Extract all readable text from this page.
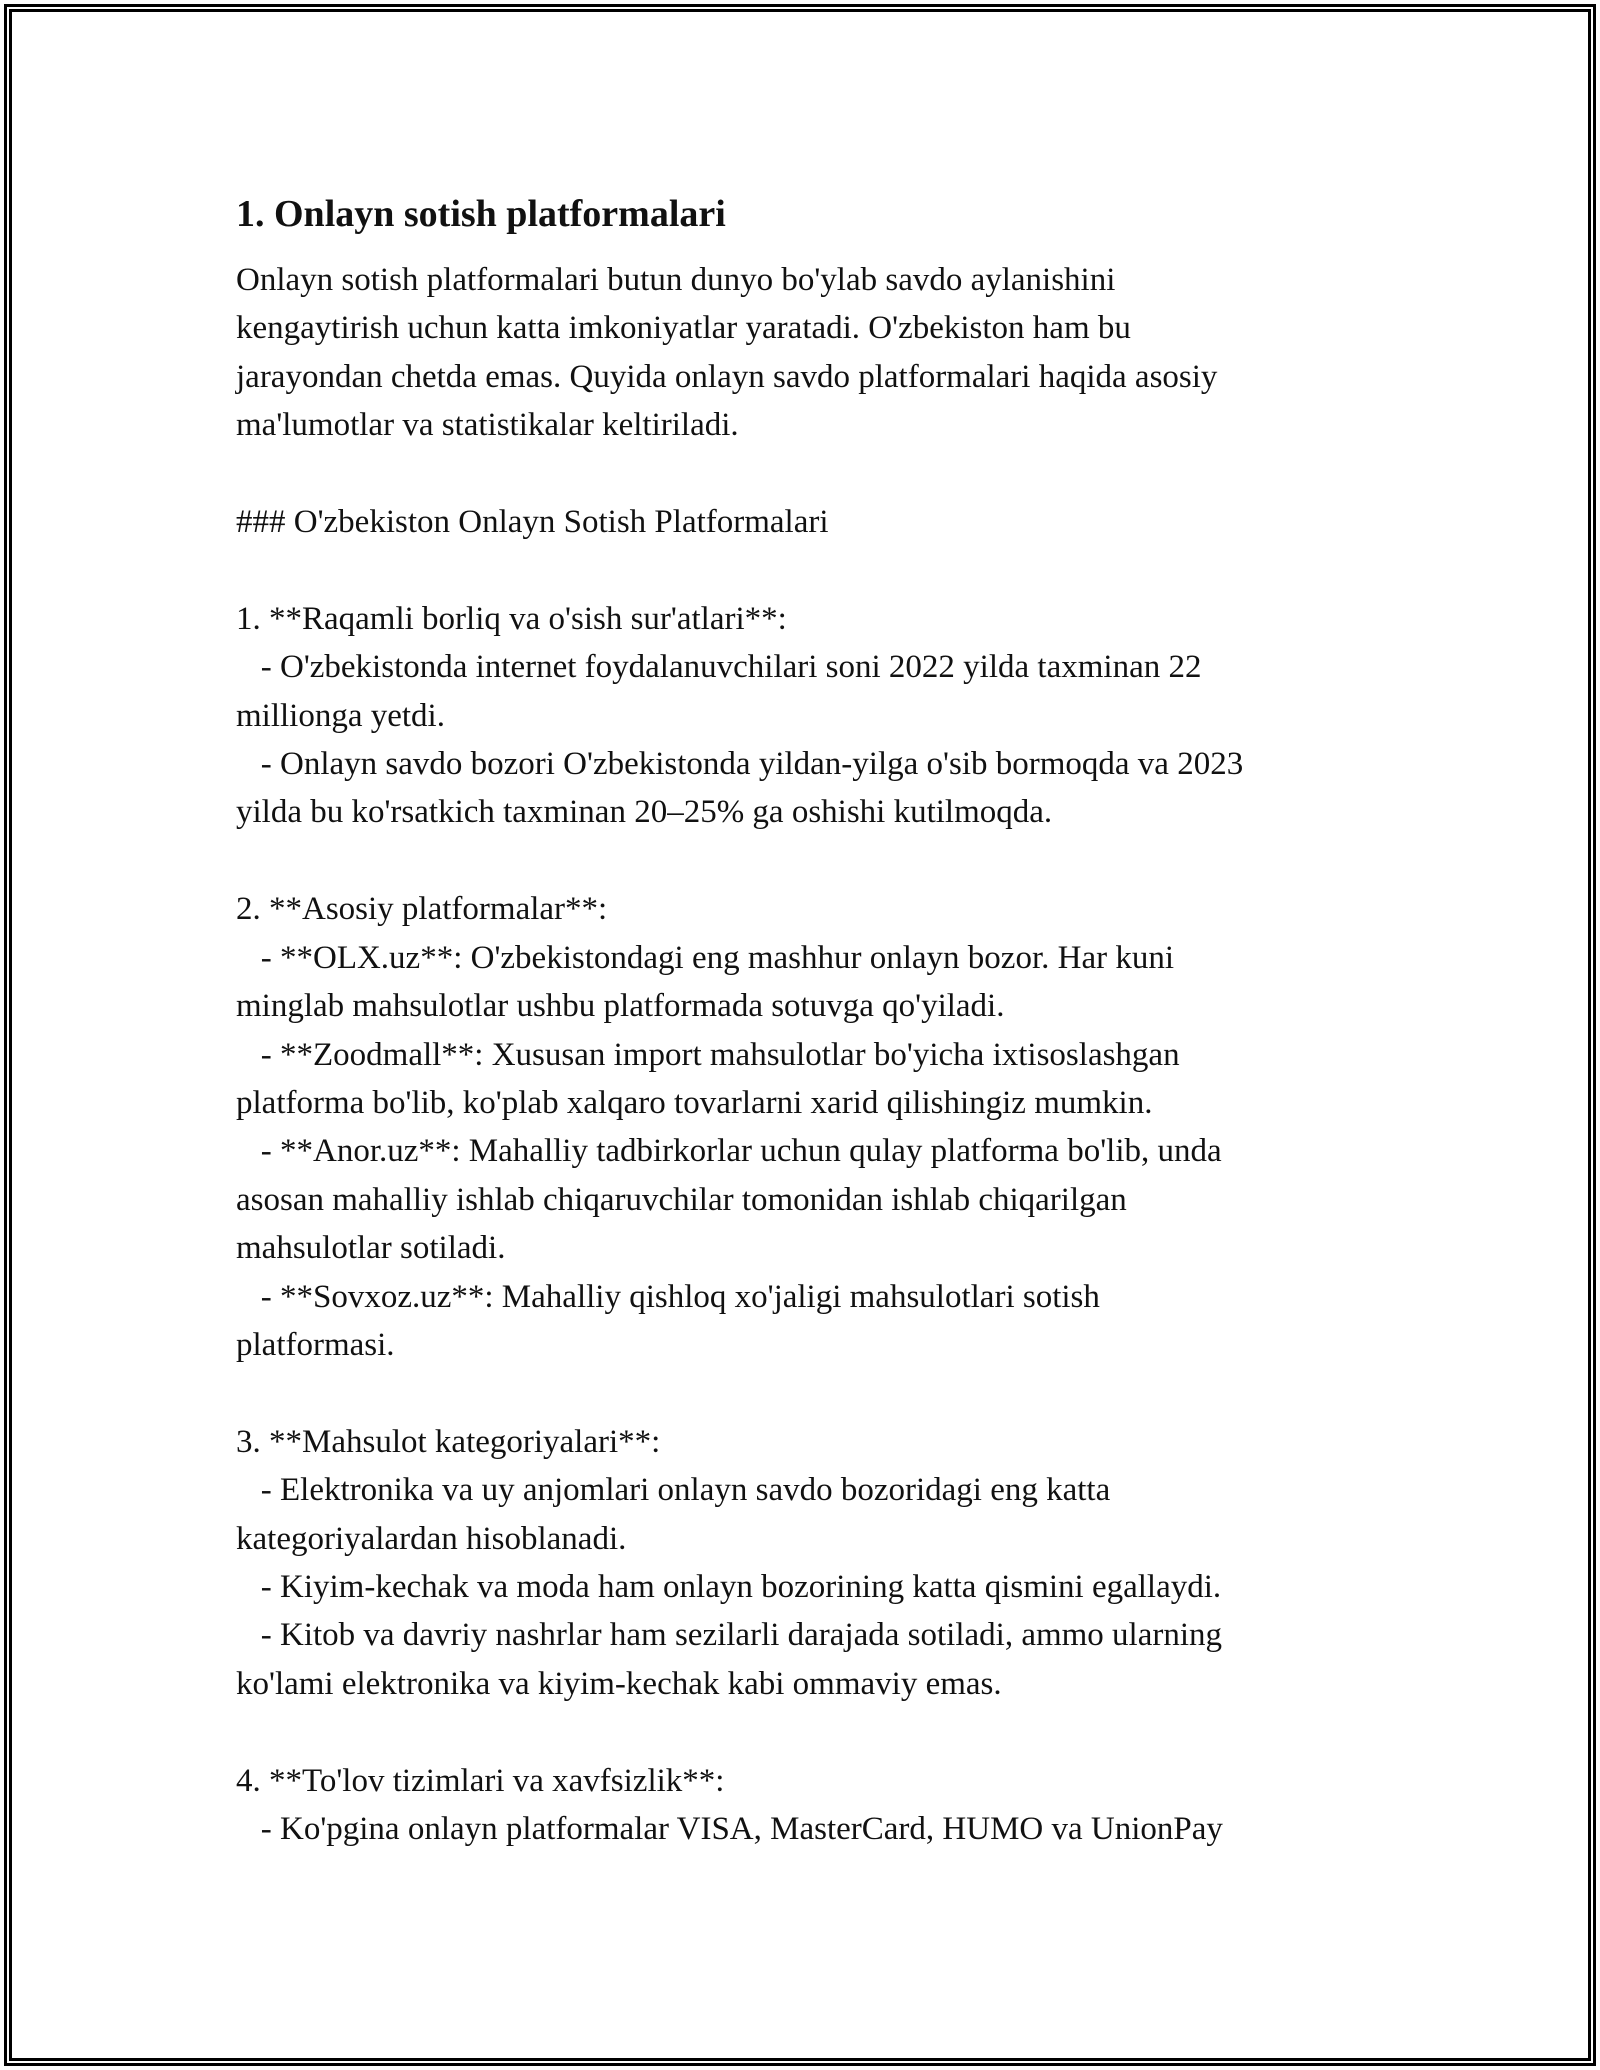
1. Onlayn sotish platformalari
Onlayn sotish platformalari butun dunyo bo'ylab savdo aylanishini
kengaytirish uchun katta imkoniyatlar yaratadi. O'zbekiston ham bu
jarayondan chetda emas. Quyida onlayn savdo platformalari haqida asosiy
ma'lumotlar va statistikalar keltiriladi.

### O'zbekiston Onlayn Sotish Platformalari

1. **Raqamli borliq va o'sish sur'atlari**:
- O'zbekistonda internet foydalanuvchilari soni 2022 yilda taxminan 22
millionga yetdi.
- Onlayn savdo bozori O'zbekistonda yildan-yilga o'sib bormoqda va 2023
yilda bu ko'rsatkich taxminan 20–25% ga oshishi kutilmoqda.

2. **Asosiy platformalar**:
- **OLX.uz**: O'zbekistondagi eng mashhur onlayn bozor. Har kuni
minglab mahsulotlar ushbu platformada sotuvga qo'yiladi.
- **Zoodmall**: Xususan import mahsulotlar bo'yicha ixtisoslashgan
platforma bo'lib, ko'plab xalqaro tovarlarni xarid qilishingiz mumkin.
- **Anor.uz**: Mahalliy tadbirkorlar uchun qulay platforma bo'lib, unda
asosan mahalliy ishlab chiqaruvchilar tomonidan ishlab chiqarilgan
mahsulotlar sotiladi.
- **Sovxoz.uz**: Mahalliy qishloq xo'jaligi mahsulotlari sotish
platformasi.

3. **Mahsulot kategoriyalari**:
- Elektronika va uy anjomlari onlayn savdo bozoridagi eng katta
kategoriyalardan hisoblanadi.
- Kiyim-kechak va moda ham onlayn bozorining katta qismini egallaydi.
- Kitob va davriy nashrlar ham sezilarli darajada sotiladi, ammo ularning
ko'lami elektronika va kiyim-kechak kabi ommaviy emas.

4. **To'lov tizimlari va xavfsizlik**:
- Ko'pgina onlayn platformalar VISA, MasterCard, HUMO va UnionPay
